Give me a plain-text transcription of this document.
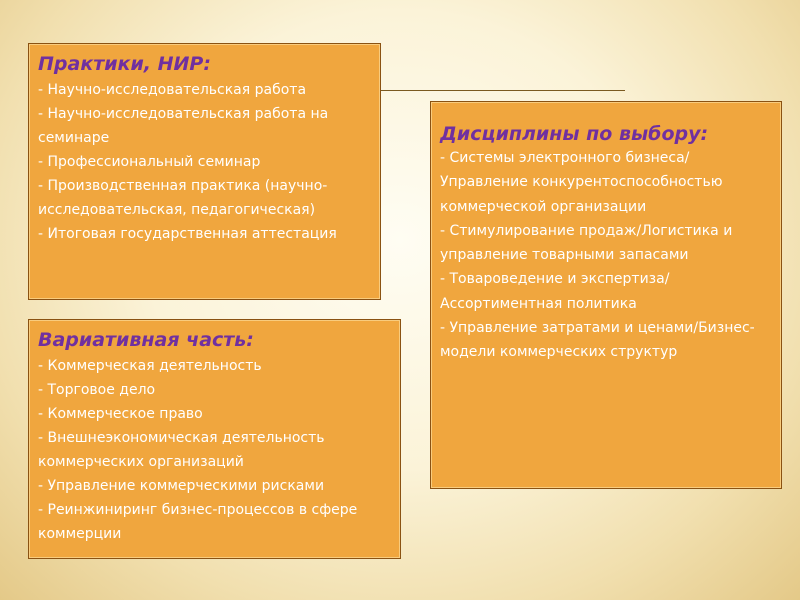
Практики, НИР:
- Научно-исследовательская работа
- Научно-исследовательская работа на семинаре
- Профессиональный семинар
- Производственная практика (научно-исследовательская, педагогическая)
- Итоговая государственная аттестация
Дисциплины по выбору:
- Системы электронного бизнеса/Управление конкурентоспособностью коммерческой организации
- Стимулирование продаж/Логистика и управление товарными запасами
- Товароведение и экспертиза/Ассортиментная политика
- Управление затратами и ценами/Бизнес-модели коммерческих структур
Вариативная часть:
- Коммерческая деятельность
- Торговое дело
- Коммерческое право
- Внешнеэкономическая деятельность коммерческих организаций
- Управление коммерческими рисками
- Реинжиниринг бизнес-процессов в сфере коммерции
